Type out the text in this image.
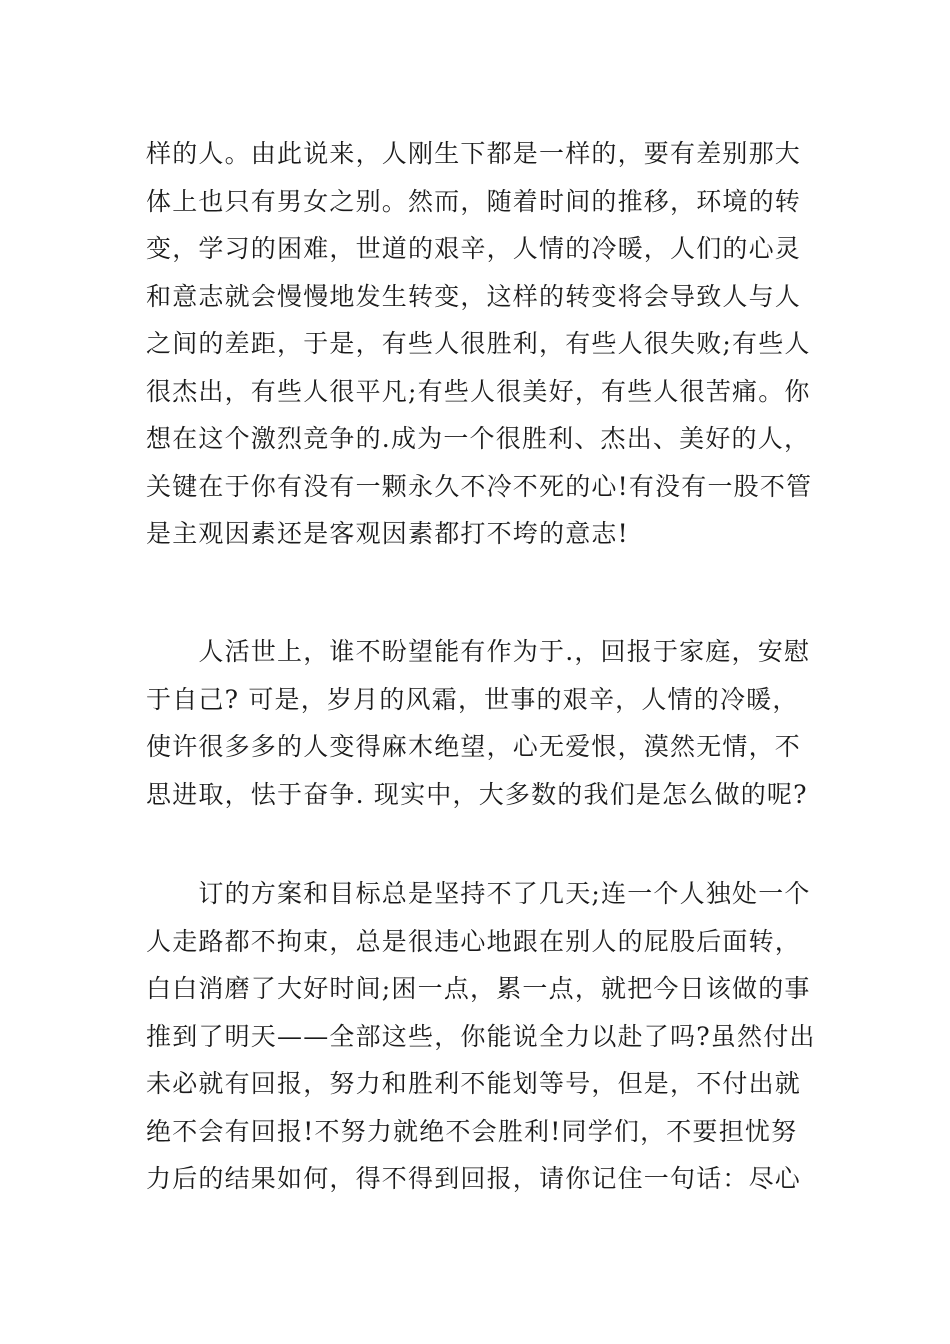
样的人。由此说来，人刚生下都是一样的，要有差别那大
体上也只有男女之别。然而，随着时间的推移，环境的转
变，学习的困难，世道的艰辛，人情的冷暖，人们的心灵
和意志就会慢慢地发生转变，这样的转变将会导致人与人
之间的差距，于是，有些人很胜利，有些人很失败;有些人
很杰出，有些人很平凡;有些人很美好，有些人很苦痛。你
想在这个激烈竞争的.成为一个很胜利、杰出、美好的人，
关键在于你有没有一颗永久不冷不死的心!有没有一股不管
是主观因素还是客观因素都打不垮的意志!
　　人活世上，谁不盼望能有作为于.，回报于家庭，安慰
于自己? 可是，岁月的风霜，世事的艰辛，人情的冷暖，
使许很多多的人变得麻木绝望，心无爱恨，漠然无情，不
思进取，怯于奋争. 现实中，大多数的我们是怎么做的呢?
　　订的方案和目标总是坚持不了几天;连一个人独处一个
人走路都不拘束，总是很违心地跟在别人的屁股后面转，
白白消磨了大好时间;困一点，累一点，就把今日该做的事
推到了明天——全部这些，你能说全力以赴了吗?虽然付出
未必就有回报，努力和胜利不能划等号，但是，不付出就
绝不会有回报!不努力就绝不会胜利!同学们，不要担忧努
力后的结果如何，得不得到回报，请你记住一句话：尽心
